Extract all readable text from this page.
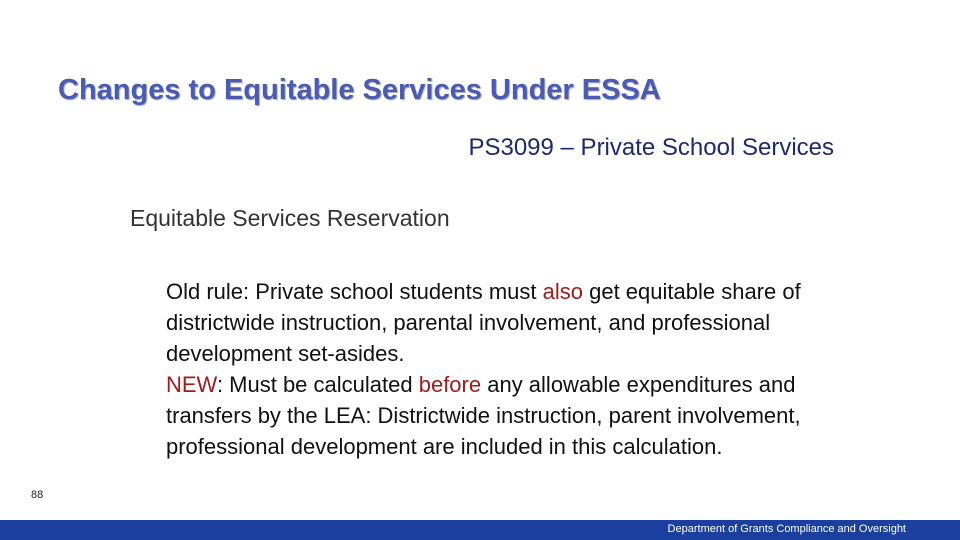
Changes to Equitable Services Under ESSA

PS3099 – Private School Services

Equitable Services Reservation

Old rule: Private school students must also get equitable share of districtwide instruction, parental involvement, and professional development set-asides.
NEW: Must be calculated before any allowable expenditures and transfers by the LEA: Districtwide instruction, parent involvement, professional development are included in this calculation.
88
Department of Grants Compliance and Oversight
